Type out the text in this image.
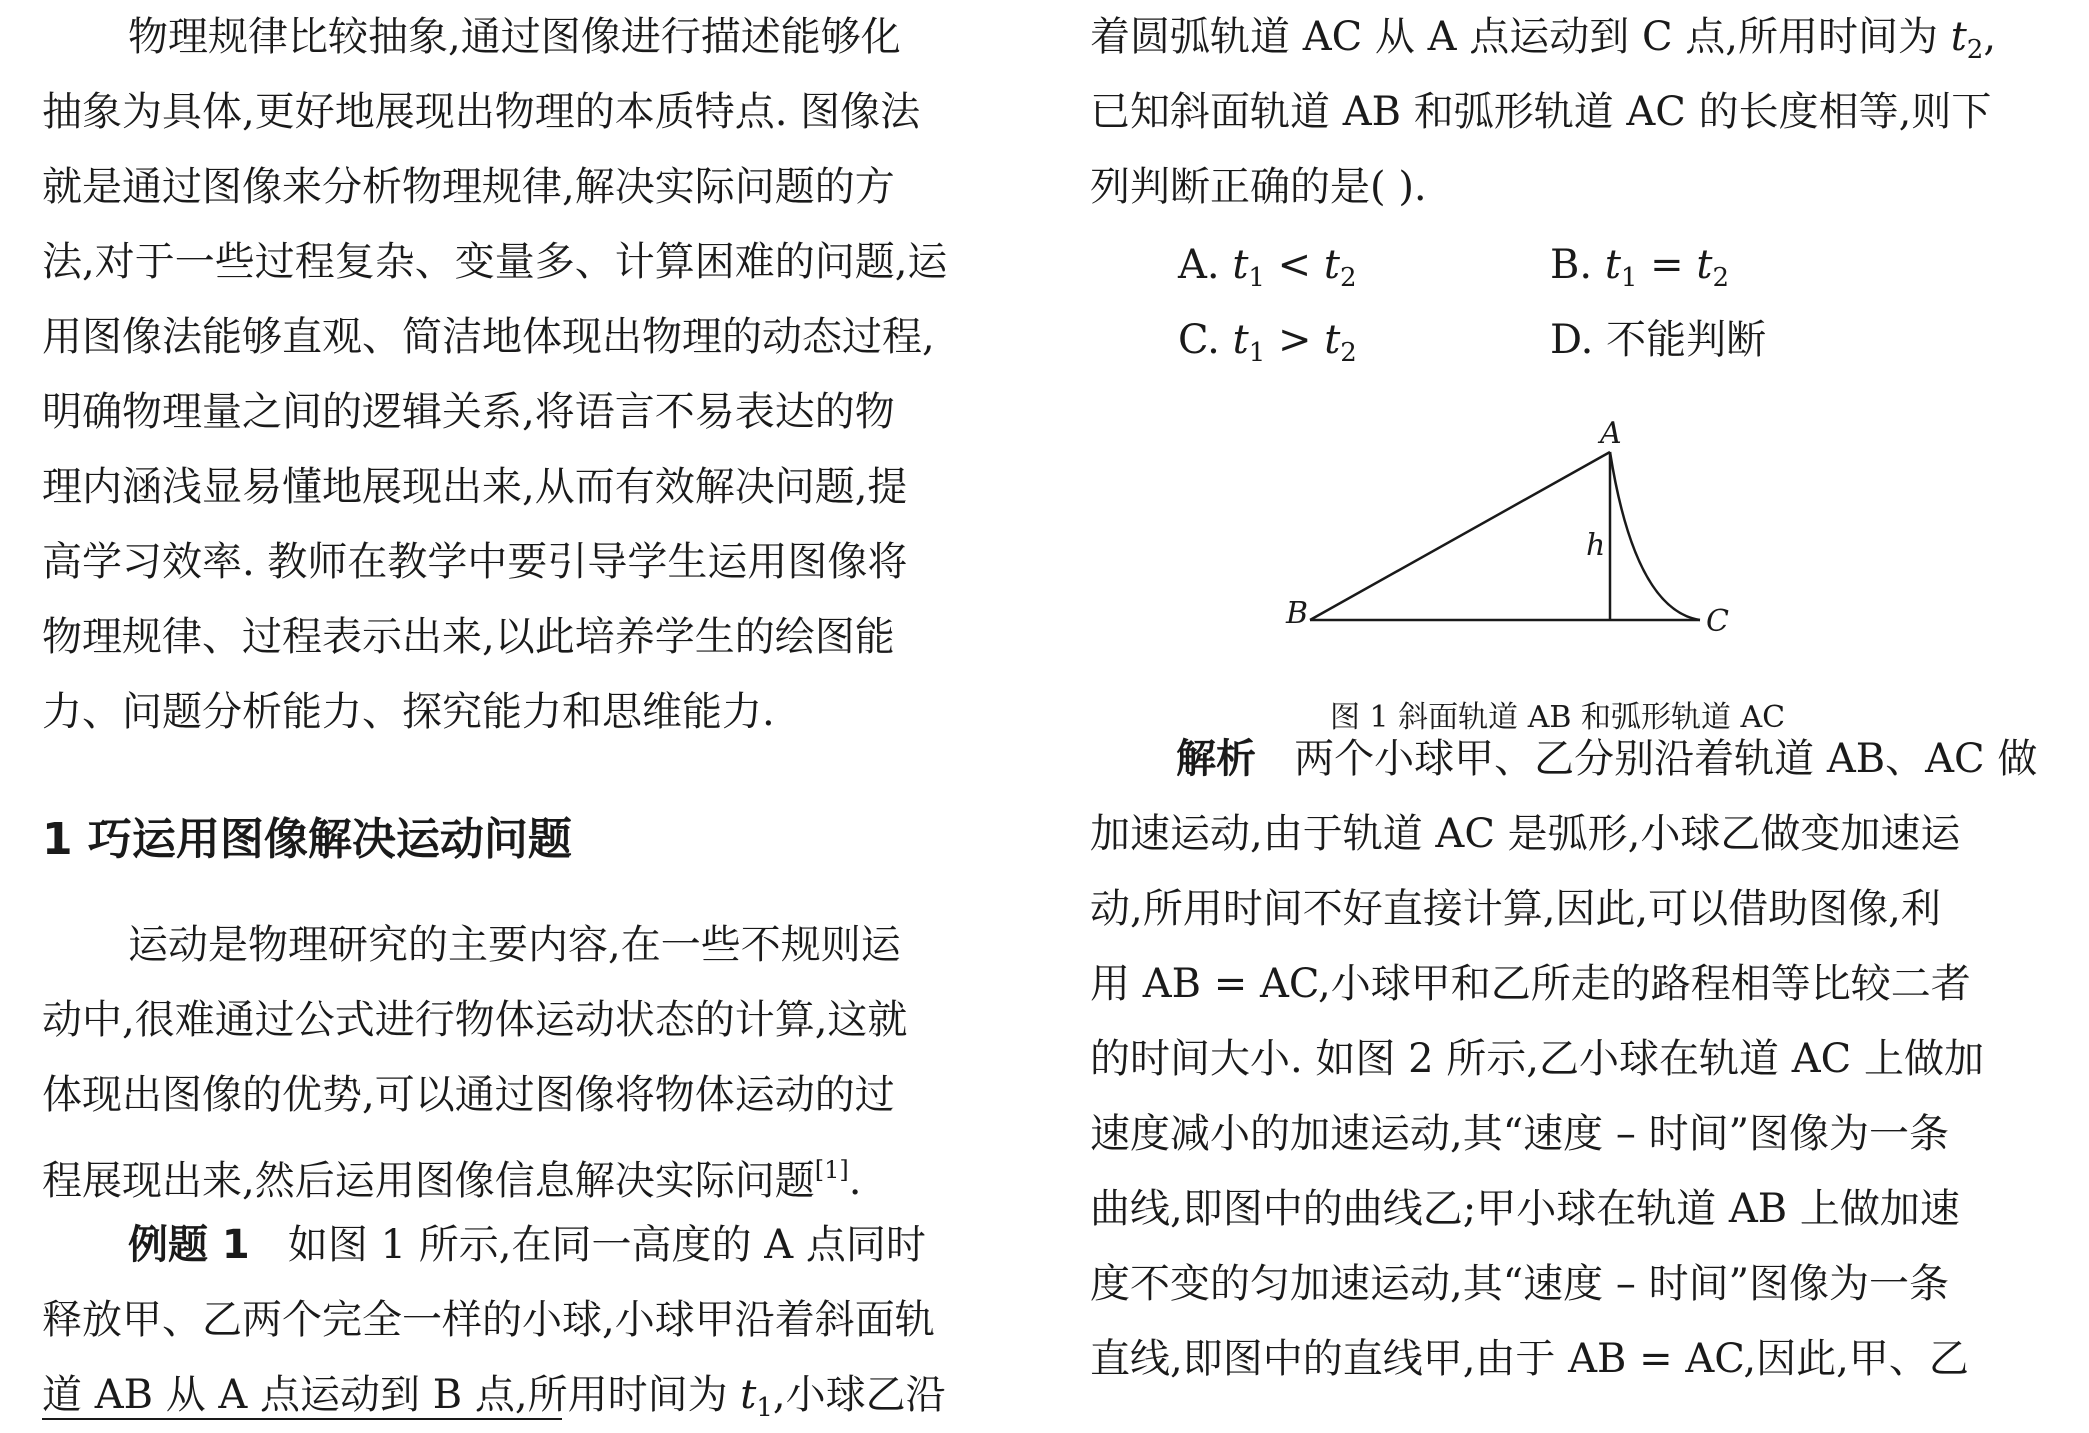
物理规律比较抽象,通过图像进行描述能够化
抽象为具体,更好地展现出物理的本质特点. 图像法
就是通过图像来分析物理规律,解决实际问题的方
法,对于一些过程复杂、变量多、计算困难的问题,运
用图像法能够直观、简洁地体现出物理的动态过程,
明确物理量之间的逻辑关系,将语言不易表达的物
理内涵浅显易懂地展现出来,从而有效解决问题,提
高学习效率. 教师在教学中要引导学生运用图像将
物理规律、过程表示出来,以此培养学生的绘图能
力、问题分析能力、探究能力和思维能力.
1 巧运用图像解决运动问题
运动是物理研究的主要内容,在一些不规则运
动中,很难通过公式进行物体运动状态的计算,这就
体现出图像的优势,可以通过图像将物体运动的过
程展现出来,然后运用图像信息解决实际问题[1].
例题 1 如图 1 所示,在同一高度的 A 点同时
释放甲、乙两个完全一样的小球,小球甲沿着斜面轨
道 AB 从 A 点运动到 B 点,所用时间为 $t_1$,小球乙沿
着圆弧轨道 AC 从 A 点运动到 C 点,所用时间为 $t_2$,
已知斜面轨道 AB 和弧形轨道 AC 的长度相等,则下
列判断正确的是( ).
A. $t_1 < t_2$	B. $t_1 = t_2$
C. $t_1 > t_2$	D. 不能判断
A
B	C
h
图 1 斜面轨道 AB 和弧形轨道 AC
解析 两个小球甲、乙分别沿着轨道 AB、AC 做
加速运动,由于轨道 AC 是弧形,小球乙做变加速运
动,所用时间不好直接计算,因此,可以借助图像,利
用 AB = AC,小球甲和乙所走的路程相等比较二者
的时间大小. 如图 2 所示,乙小球在轨道 AC 上做加
速度减小的加速运动,其“速度 – 时间”图像为一条
曲线,即图中的曲线乙;甲小球在轨道 AB 上做加速
度不变的匀加速运动,其“速度 – 时间”图像为一条
直线,即图中的直线甲,由于 AB = AC,因此,甲、乙
